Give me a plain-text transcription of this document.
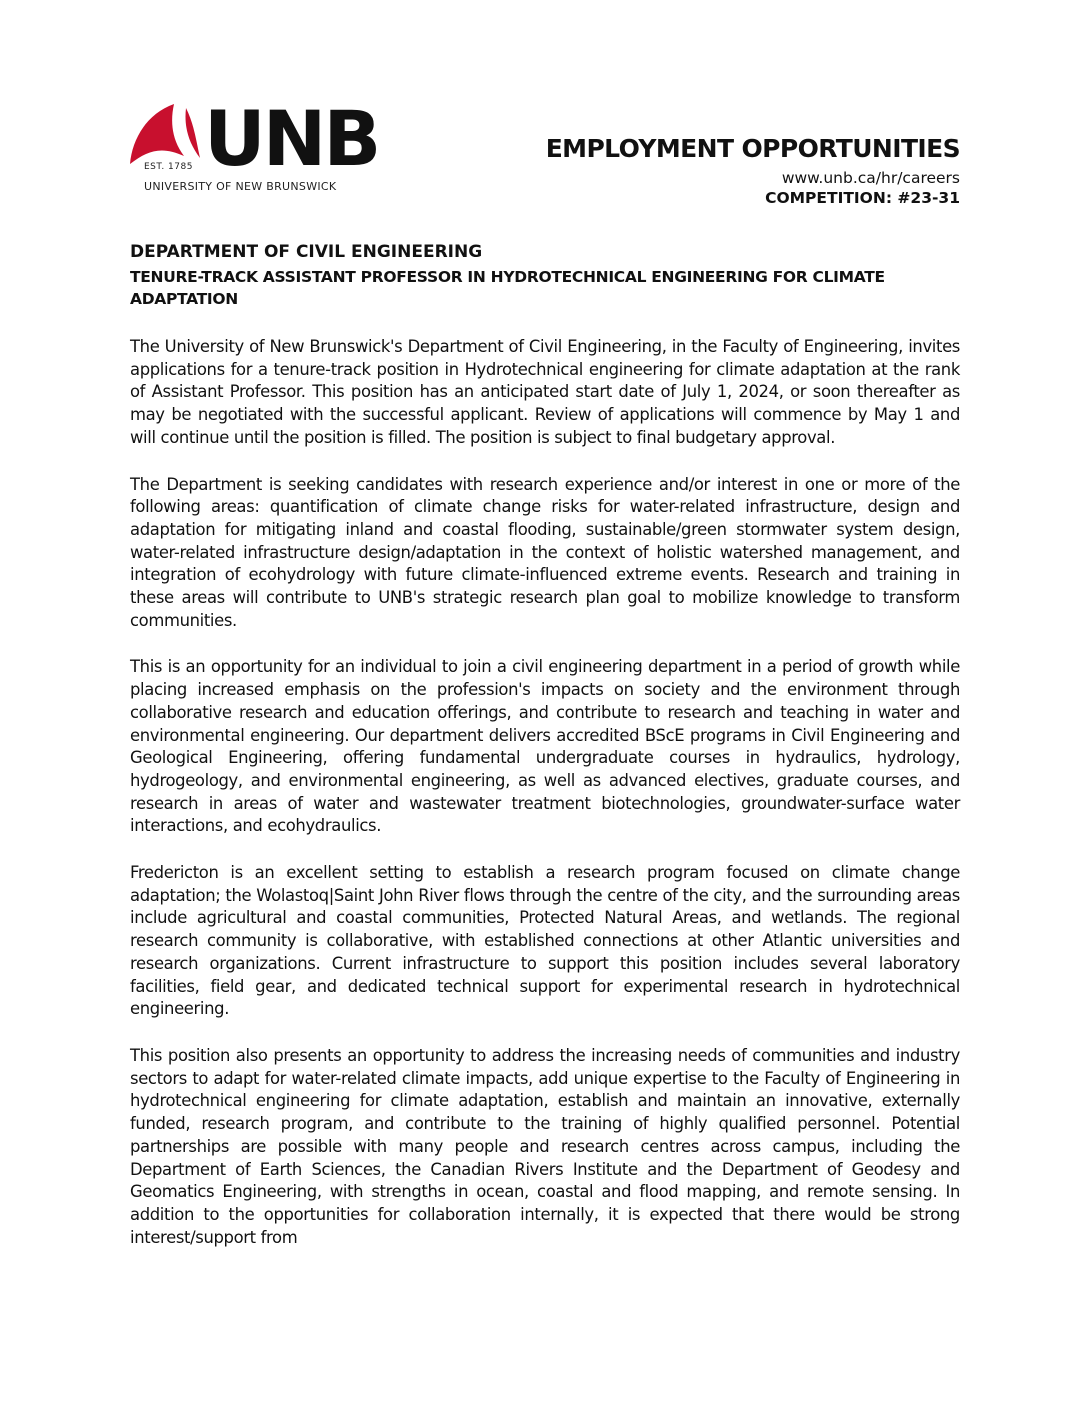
EST. 1785 UNB
UNIVERSITY OF NEW BRUNSWICK
EMPLOYMENT OPPORTUNITIES

www.unb.ca/hr/careers

COMPETITION: #23-31

DEPARTMENT OF CIVIL ENGINEERING

TENURE-TRACK ASSISTANT PROFESSOR IN HYDROTECHNICAL ENGINEERING FOR CLIMATE ADAPTATION

The University of New Brunswick's Department of Civil Engineering, in the Faculty of Engineering, invites applications for a tenure-track position in Hydrotechnical engineering for climate adaptation at the rank of Assistant Professor. This position has an anticipated start date of July 1, 2024, or soon thereafter as may be negotiated with the successful applicant. Review of applications will commence by May 1 and will continue until the position is filled. The position is subject to final budgetary approval.

The Department is seeking candidates with research experience and/or interest in one or more of the following areas: quantification of climate change risks for water-related infrastructure, design and adaptation for mitigating inland and coastal flooding, sustainable/green stormwater system design, water-related infrastructure design/adaptation in the context of holistic watershed management, and integration of ecohydrology with future climate-influenced extreme events. Research and training in these areas will contribute to UNB's strategic research plan goal to mobilize knowledge to transform communities.

This is an opportunity for an individual to join a civil engineering department in a period of growth while placing increased emphasis on the profession's impacts on society and the environment through collaborative research and education offerings, and contribute to research and teaching in water and environmental engineering. Our department delivers accredited BScE programs in Civil Engineering and Geological Engineering, offering fundamental undergraduate courses in hydraulics, hydrology, hydrogeology, and environmental engineering, as well as advanced electives, graduate courses, and research in areas of water and wastewater treatment biotechnologies, groundwater-surface water interactions, and ecohydraulics.

Fredericton is an excellent setting to establish a research program focused on climate change adaptation; the Wolastoq|Saint John River flows through the centre of the city, and the surrounding areas include agricultural and coastal communities, Protected Natural Areas, and wetlands. The regional research community is collaborative, with established connections at other Atlantic universities and research organizations. Current infrastructure to support this position includes several laboratory facilities, field gear, and dedicated technical support for experimental research in hydrotechnical engineering.

This position also presents an opportunity to address the increasing needs of communities and industry sectors to adapt for water-related climate impacts, add unique expertise to the Faculty of Engineering in hydrotechnical engineering for climate adaptation, establish and maintain an innovative, externally funded, research program, and contribute to the training of highly qualified personnel. Potential partnerships are possible with many people and research centres across campus, including the Department of Earth Sciences, the Canadian Rivers Institute and the Department of Geodesy and Geomatics Engineering, with strengths in ocean, coastal and flood mapping, and remote sensing. In addition to the opportunities for collaboration internally, it is expected that there would be strong interest/support from
